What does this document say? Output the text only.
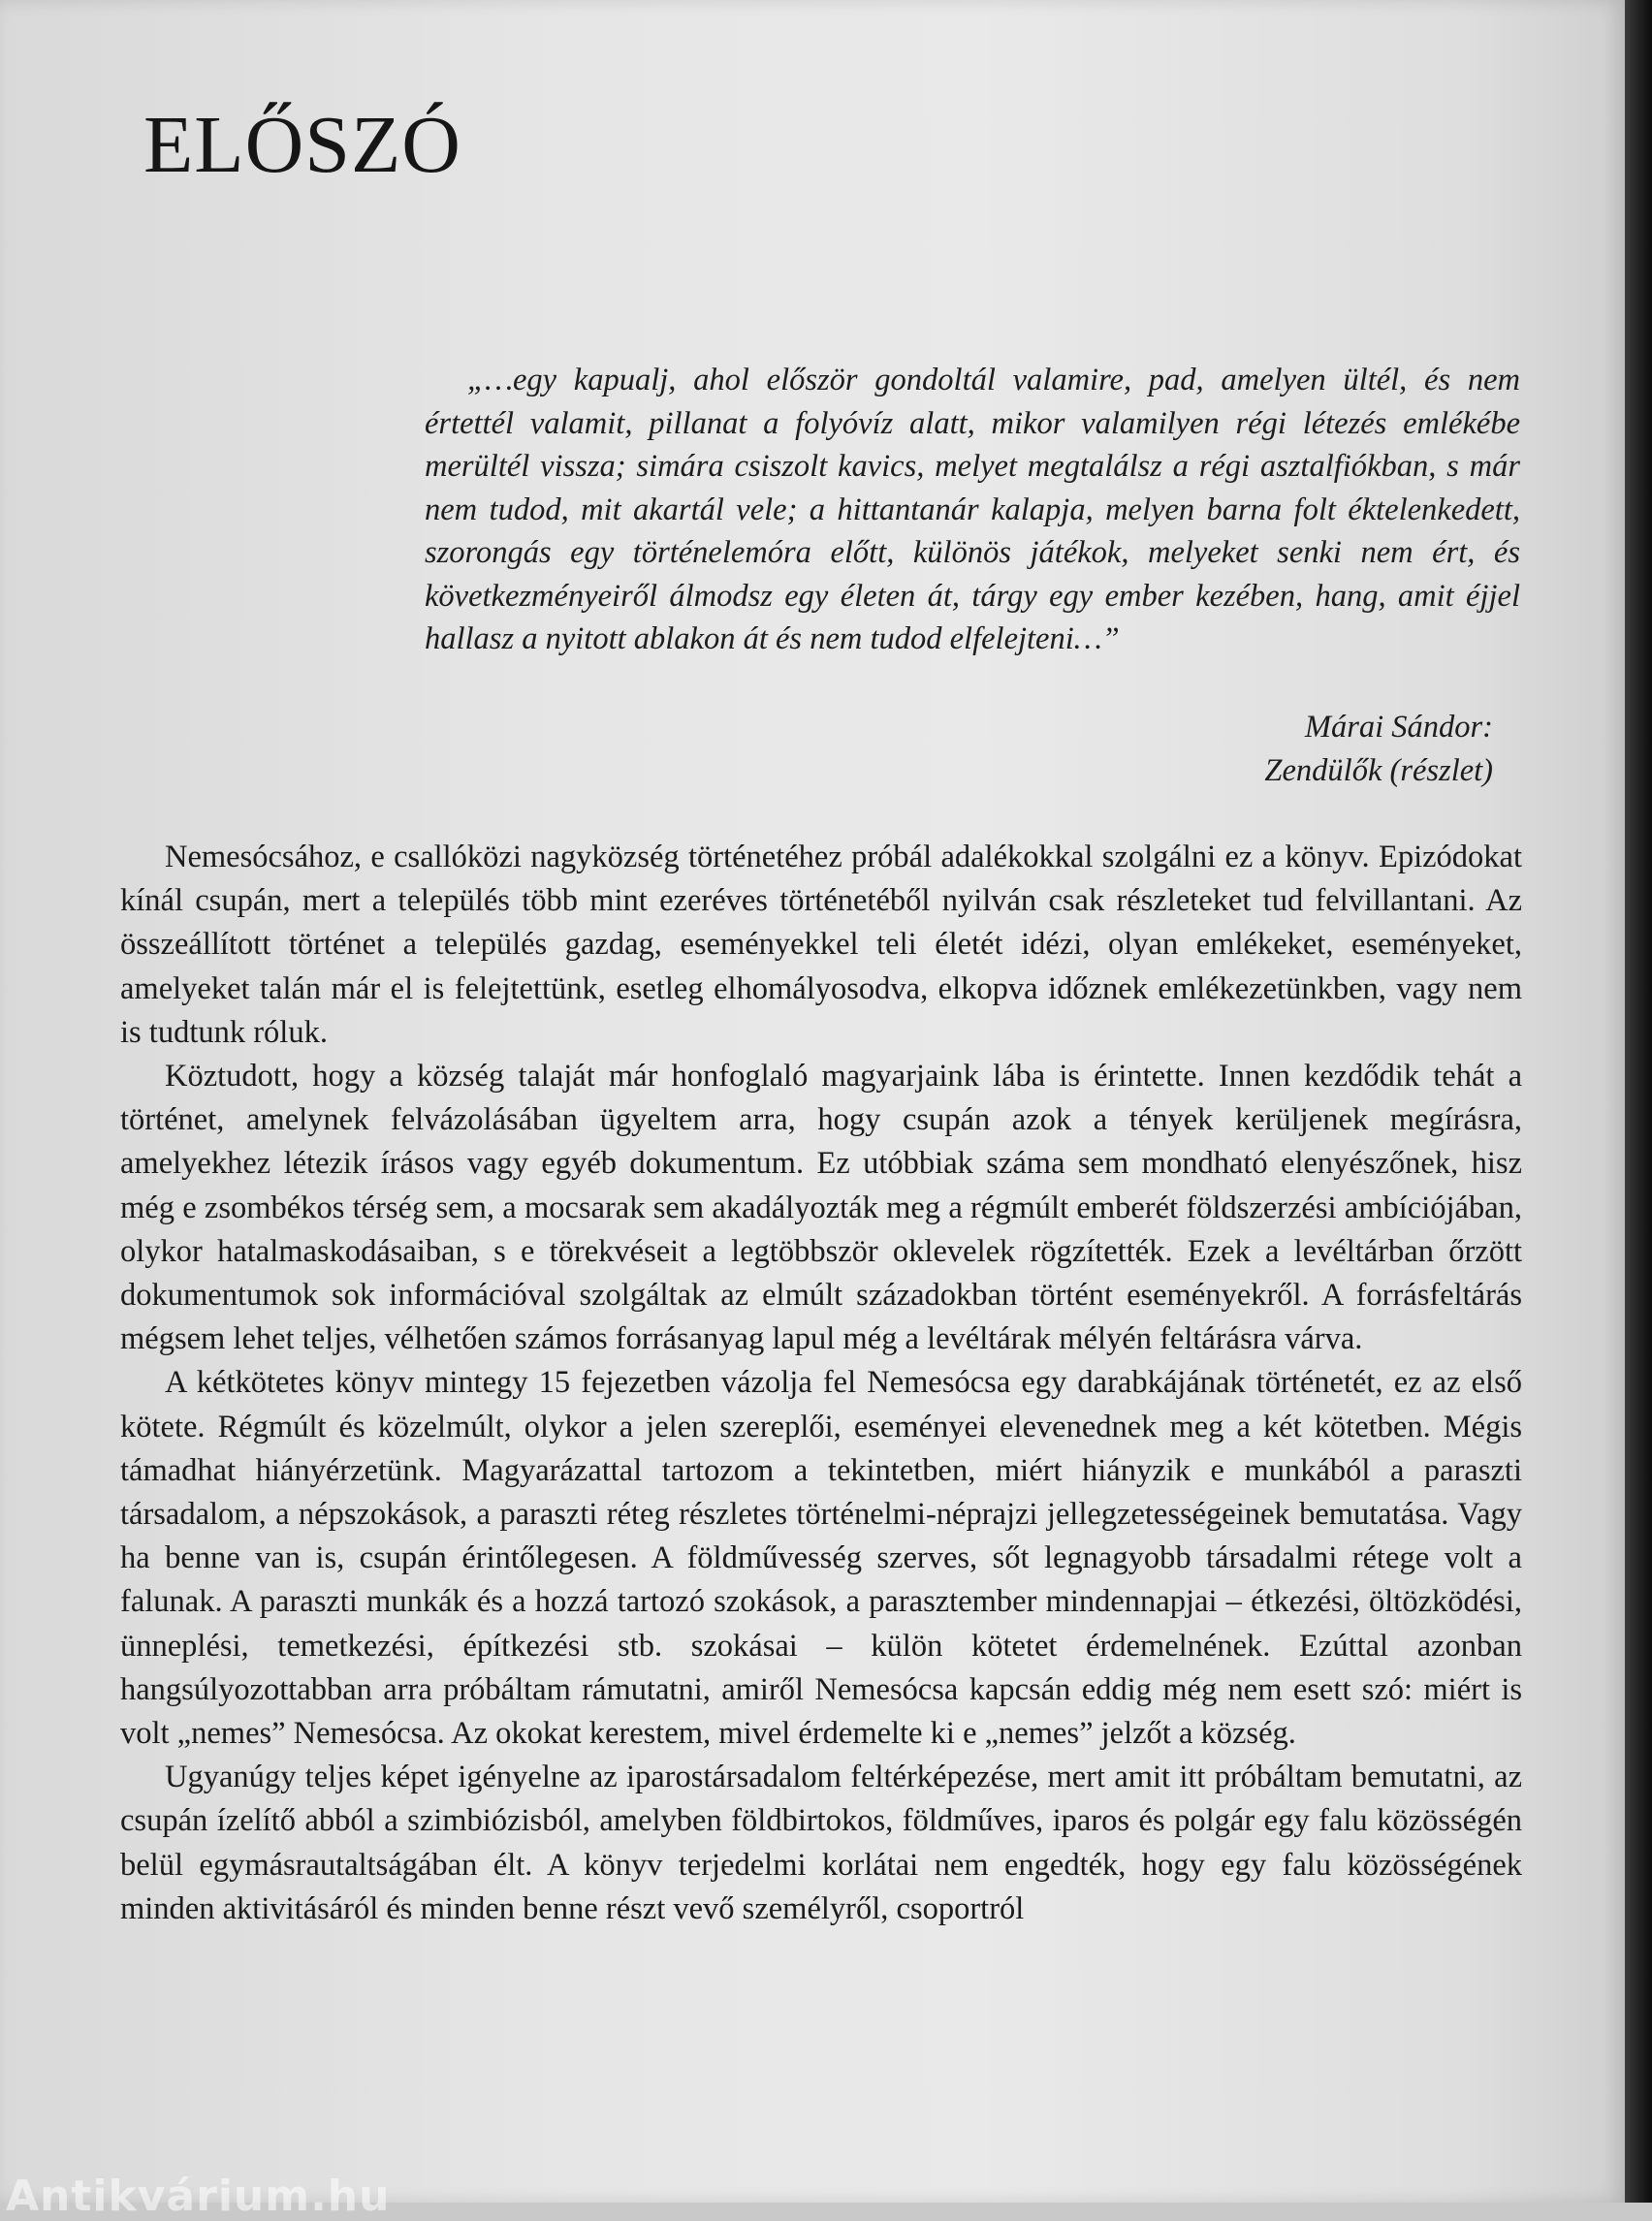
ELŐSZÓ

„…egy kapualj, ahol először gondoltál valamire, pad, amelyen ültél, és nem értettél valamit, pillanat a folyóvíz alatt, mikor valamilyen régi létezés emlékébe merültél vissza; simára csiszolt kavics, melyet megtalálsz a régi asztalfiókban, s már nem tudod, mit akartál vele; a hittantanár kalapja, melyen barna folt éktelenkedett, szorongás egy történelemóra előtt, különös játékok, melyeket senki nem ért, és következményeiről álmodsz egy életen át, tárgy egy ember kezében, hang, amit éjjel hallasz a nyitott ablakon át és nem tudod elfelejteni…”

Márai Sándor:
Zendülők (részlet)

Nemesócsához, e csallóközi nagyközség történetéhez próbál adalékokkal szolgálni ez a könyv. Epizódokat kínál csupán, mert a település több mint ezeréves történetéből nyilván csak részleteket tud felvillantani. Az összeállított történet a település gazdag, eseményekkel teli életét idézi, olyan emlékeket, eseményeket, amelyeket talán már el is felejtettünk, esetleg elhomályosodva, elkopva időznek emlékezetünkben, vagy nem is tudtunk róluk.

Köztudott, hogy a község talaját már honfoglaló magyarjaink lába is érintette. Innen kezdődik tehát a történet, amelynek felvázolásában ügyeltem arra, hogy csupán azok a tények kerüljenek megírásra, amelyekhez létezik írásos vagy egyéb dokumentum. Ez utóbbiak száma sem mondható elenyészőnek, hisz még e zsombékos térség sem, a mocsarak sem akadályozták meg a régmúlt emberét földszerzési ambíciójában, olykor hatalmaskodásaiban, s e törekvéseit a legtöbbször oklevelek rögzítették. Ezek a levéltárban őrzött dokumentumok sok információval szolgáltak az elmúlt századokban történt eseményekről. A forrásfeltárás mégsem lehet teljes, vélhetően számos forrásanyag lapul még a levéltárak mélyén feltárásra várva.

A kétkötetes könyv mintegy 15 fejezetben vázolja fel Nemesócsa egy darabkájának történetét, ez az első kötete. Régmúlt és közelmúlt, olykor a jelen szereplői, eseményei elevenednek meg a két kötetben. Mégis támadhat hiányérzetünk. Magyarázattal tartozom a tekintetben, miért hiányzik e munkából a paraszti társadalom, a népszokások, a paraszti réteg részletes történelmi-néprajzi jellegzetességeinek bemutatása. Vagy ha benne van is, csupán érintőlegesen. A földművesség szerves, sőt legnagyobb társadalmi rétege volt a falunak. A paraszti munkák és a hozzá tartozó szokások, a parasztember mindennapjai – étkezési, öltözködési, ünneplési, temetkezési, építkezési stb. szokásai – külön kötetet érdemelnének. Ezúttal azonban hangsúlyozottabban arra próbáltam rámutatni, amiről Nemesócsa kapcsán eddig még nem esett szó: miért is volt „nemes” Nemesócsa. Az okokat kerestem, mivel érdemelte ki e „nemes” jelzőt a község.

Ugyanúgy teljes képet igényelne az iparostársadalom feltérképezése, mert amit itt próbáltam bemutatni, az csupán ízelítő abból a szimbiózisból, amelyben földbirtokos, földműves, iparos és polgár egy falu közösségén belül egymásrautaltságában élt. A könyv terjedelmi korlátai nem engedték, hogy egy falu közösségének minden aktivitásáról és minden benne részt vevő személyről, csoportról

Antikvárium.hu
